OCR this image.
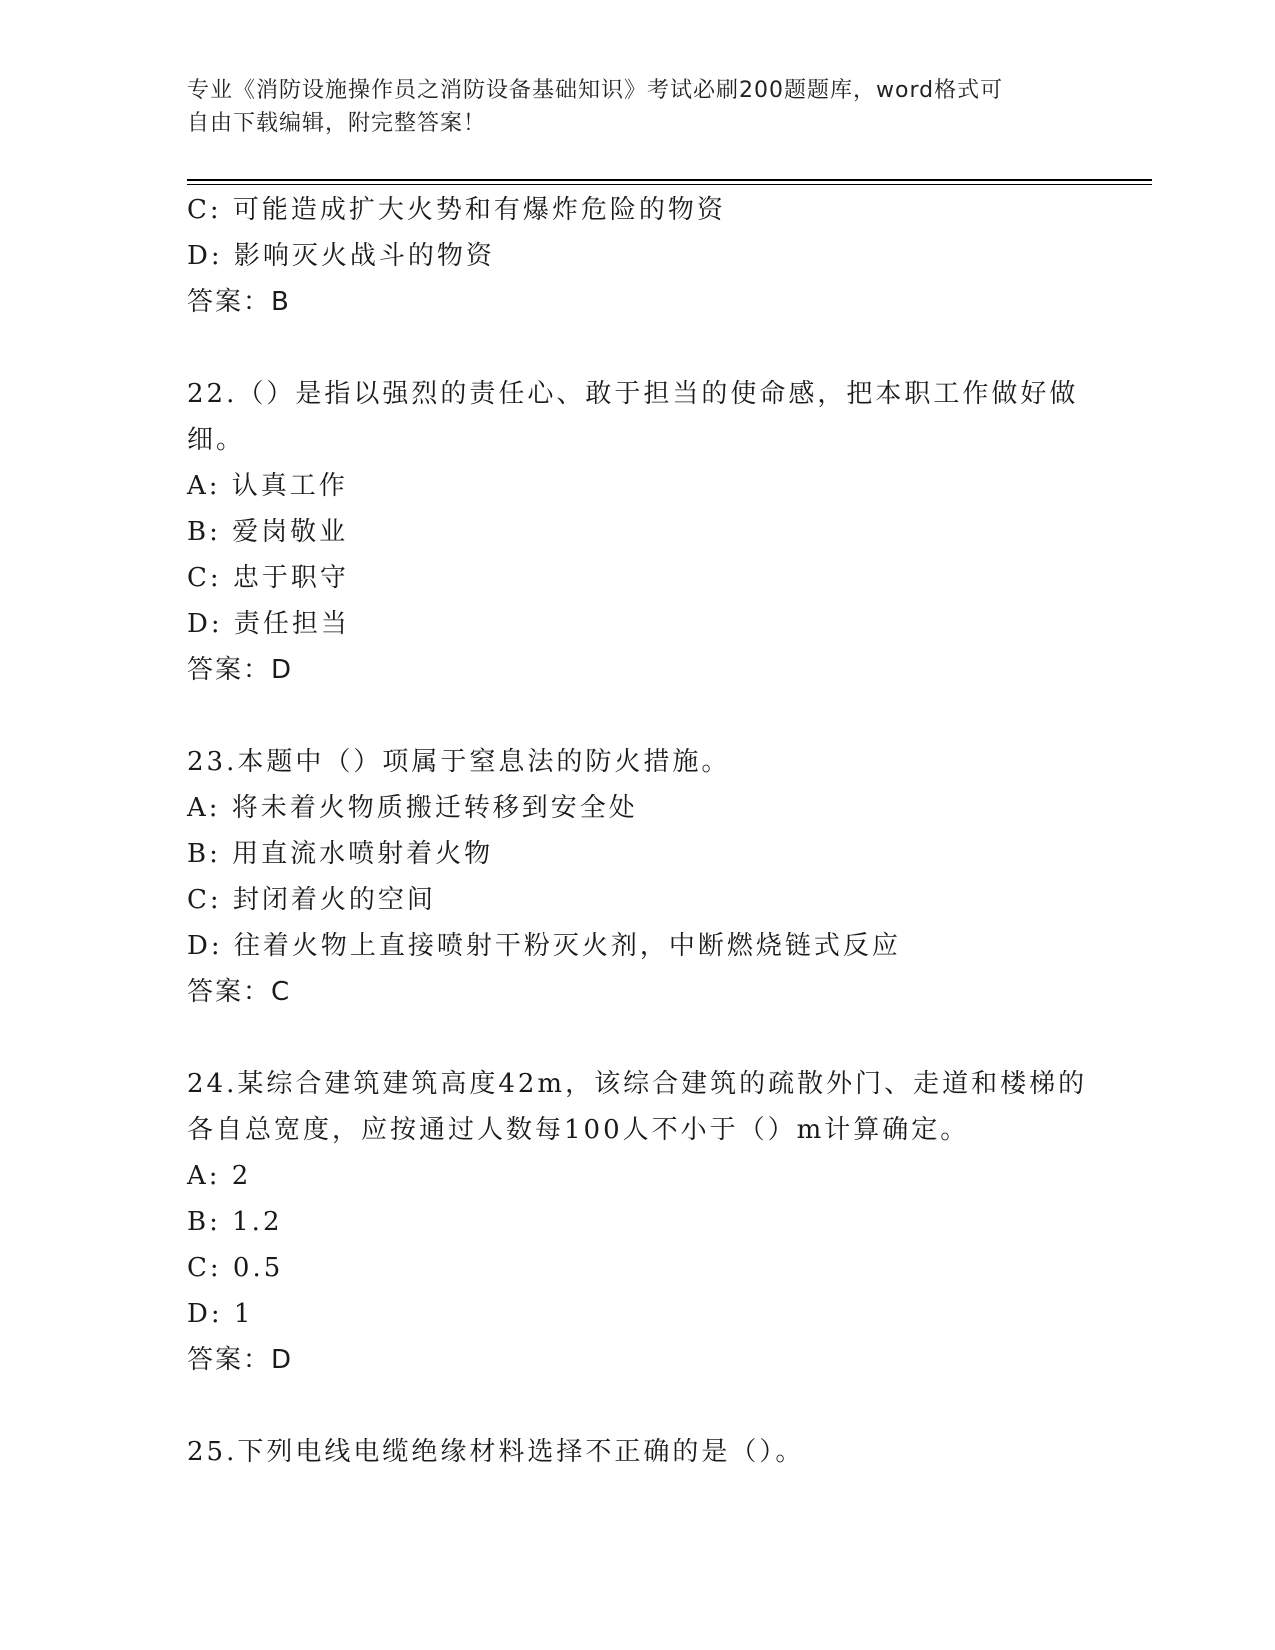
专业《消防设施操作员之消防设备基础知识》考试必刷200题题库，word格式可
自由下载编辑，附完整答案！
C: 可能造成扩大火势和有爆炸危险的物资
D: 影响灭火战斗的物资
答案：B
22.（）是指以强烈的责任心、敢于担当的使命感，把本职工作做好做
细。
A: 认真工作
B: 爱岗敬业
C: 忠于职守
D: 责任担当
答案：D
23.本题中（）项属于窒息法的防火措施。
A: 将未着火物质搬迁转移到安全处
B: 用直流水喷射着火物
C: 封闭着火的空间
D: 往着火物上直接喷射干粉灭火剂，中断燃烧链式反应
答案：C
24.某综合建筑建筑高度42m，该综合建筑的疏散外门、走道和楼梯的
各自总宽度，应按通过人数每100人不小于（）m计算确定。
A: 2
B: 1.2
C: 0.5
D: 1
答案：D
25.下列电线电缆绝缘材料选择不正确的是（）。
